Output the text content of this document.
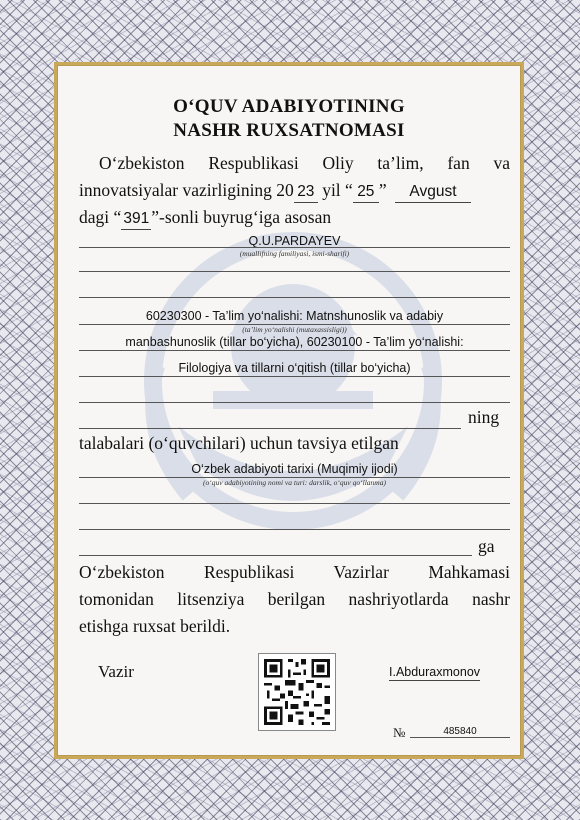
O‘QUV ADABIYOTINING
NASHR RUXSATNOMASI
O‘zbekiston Respublikasi Oliy ta’lim, fan va
innovatsiyalar vazirligining 20 23 yil “ 25 ” Avgust
dagi “ 391 ”-sonli buyrug‘iga asosan
Q.U.PARDAYEV
(muallifning familiyasi, ismi-sharifi)
60230300 - Ta’lim yo‘nalishi: Matnshunoslik va adabiy
(ta’lim yo‘nalishi (mutaxassisligi))
manbashunoslik (tillar bo‘yicha), 60230100 - Ta’lim yo‘nalishi:
Filologiya va tillarni o‘qitish (tillar bo‘yicha)
ning
talabalari (o‘quvchilari) uchun tavsiya etilgan
O‘zbek adabiyoti tarixi (Muqimiy ijodi)
(o‘quv adabiyotining nomi va turi: darslik, o‘quv qo‘llanma)
ga
O‘zbekiston Respublikasi Vazirlar Mahkamasi
tomonidan litsenziya berilgan nashriyotlarda nashr
etishga ruxsat berildi.
Vazir	I.Abduraxmonov
№	485840
